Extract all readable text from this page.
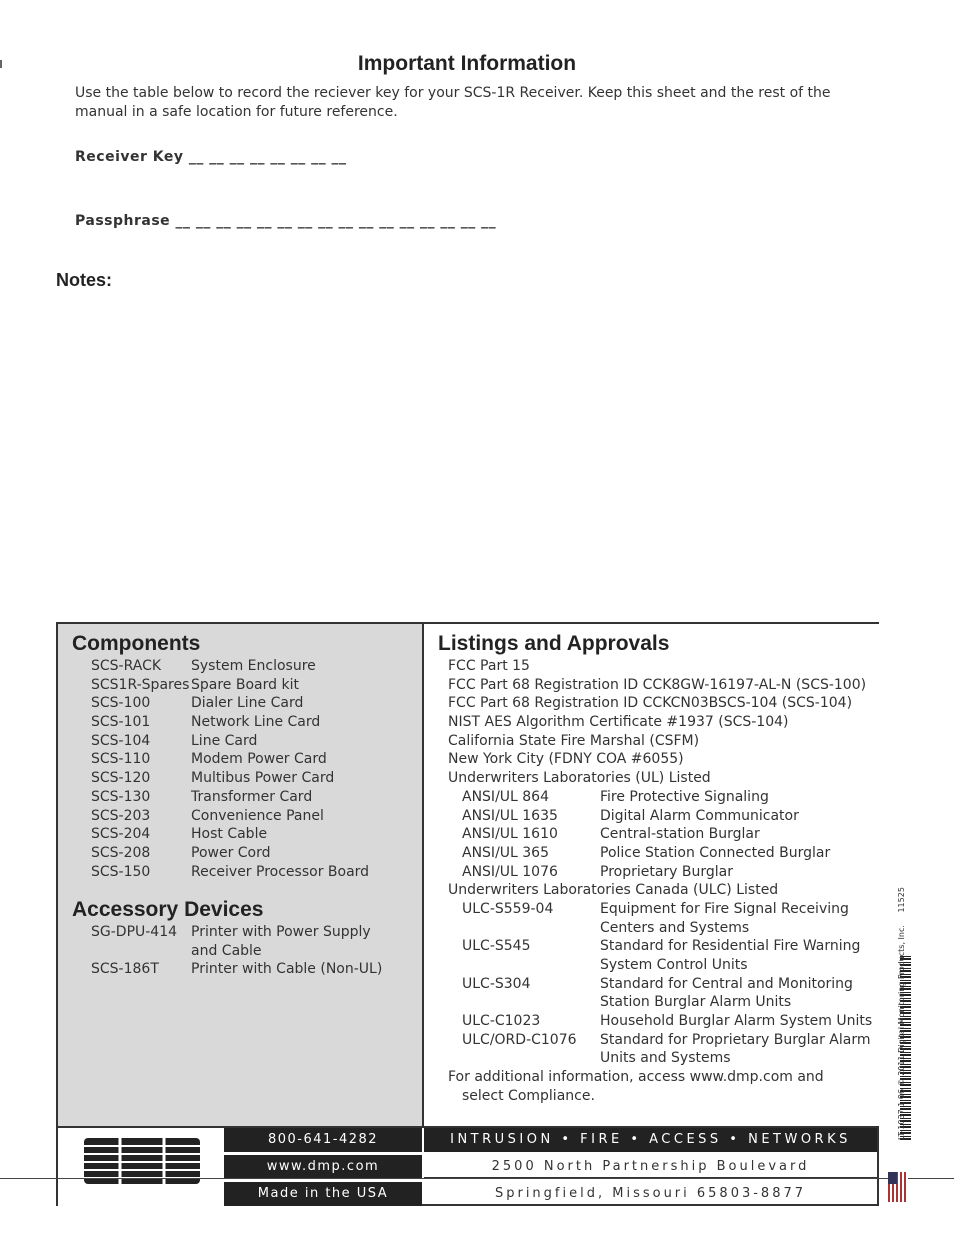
Important Information
Use the table below to record the reciever key for your SCS-1R Receiver. Keep this sheet and the rest of the manual in a safe location for future reference.
Receiver Key __ __ __ __ __ __ __ __
Passphrase __ __ __ __ __ __ __ __ __ __ __ __ __ __ __ __
Notes:
Components
SCS-RACK	System Enclosure
SCS1R-Spares Spare Board kit
SCS-100	Dialer Line Card
SCS-101	Network Line Card
SCS-104	Line Card
SCS-110	Modem Power Card
SCS-120	Multibus Power Card
SCS-130	Transformer Card
SCS-203	Convenience Panel
SCS-204	Host Cable
SCS-208	Power Cord
SCS-150	Receiver Processor Board
Accessory Devices
SG-DPU-414 Printer with Power Supply
and Cable
SCS-186T	Printer with Cable (Non-UL)
Listings and Approvals
FCC Part 15
FCC Part 68 Registration ID CCK8GW-16197-AL-N (SCS-100)
FCC Part 68 Registration ID CCKCN03BSCS-104 (SCS-104)
NIST AES Algorithm Certificate #1937 (SCS-104)
California State Fire Marshal (CSFM)
New York City (FDNY COA #6055)
Underwriters Laboratories (UL) Listed
ANSI/UL 864	Fire Protective Signaling
ANSI/UL 1635	Digital Alarm Communicator
ANSI/UL 1610	Central-station Burglar
ANSI/UL 365	Police Station Connected Burglar
ANSI/UL 1076	Proprietary Burglar
Underwriters Laboratories Canada (ULC) Listed
ULC-S559-04	Equipment for Fire Signal Receiving
Centers and Systems
ULC-S545	Standard for Residential Fire Warning
System Control Units
ULC-S304	Standard for Central and Monitoring
Station Burglar Alarm Units
ULC-C1023	Household Burglar Alarm System Units
ULC/ORD-C1076	Standard for Proprietary Burglar Alarm
Units and Systems
For additional information, access www.dmp.com and
select Compliance.
800-641-4282
www.dmp.com
Made in the USA
INTRUSION • FIRE • ACCESS • NETWORKS
2500 North Partnership Boulevard
Springfield, Missouri 65803-8877
LT-1037 1.06 © 2011 Digital Monitoring Products, Inc. 11525
